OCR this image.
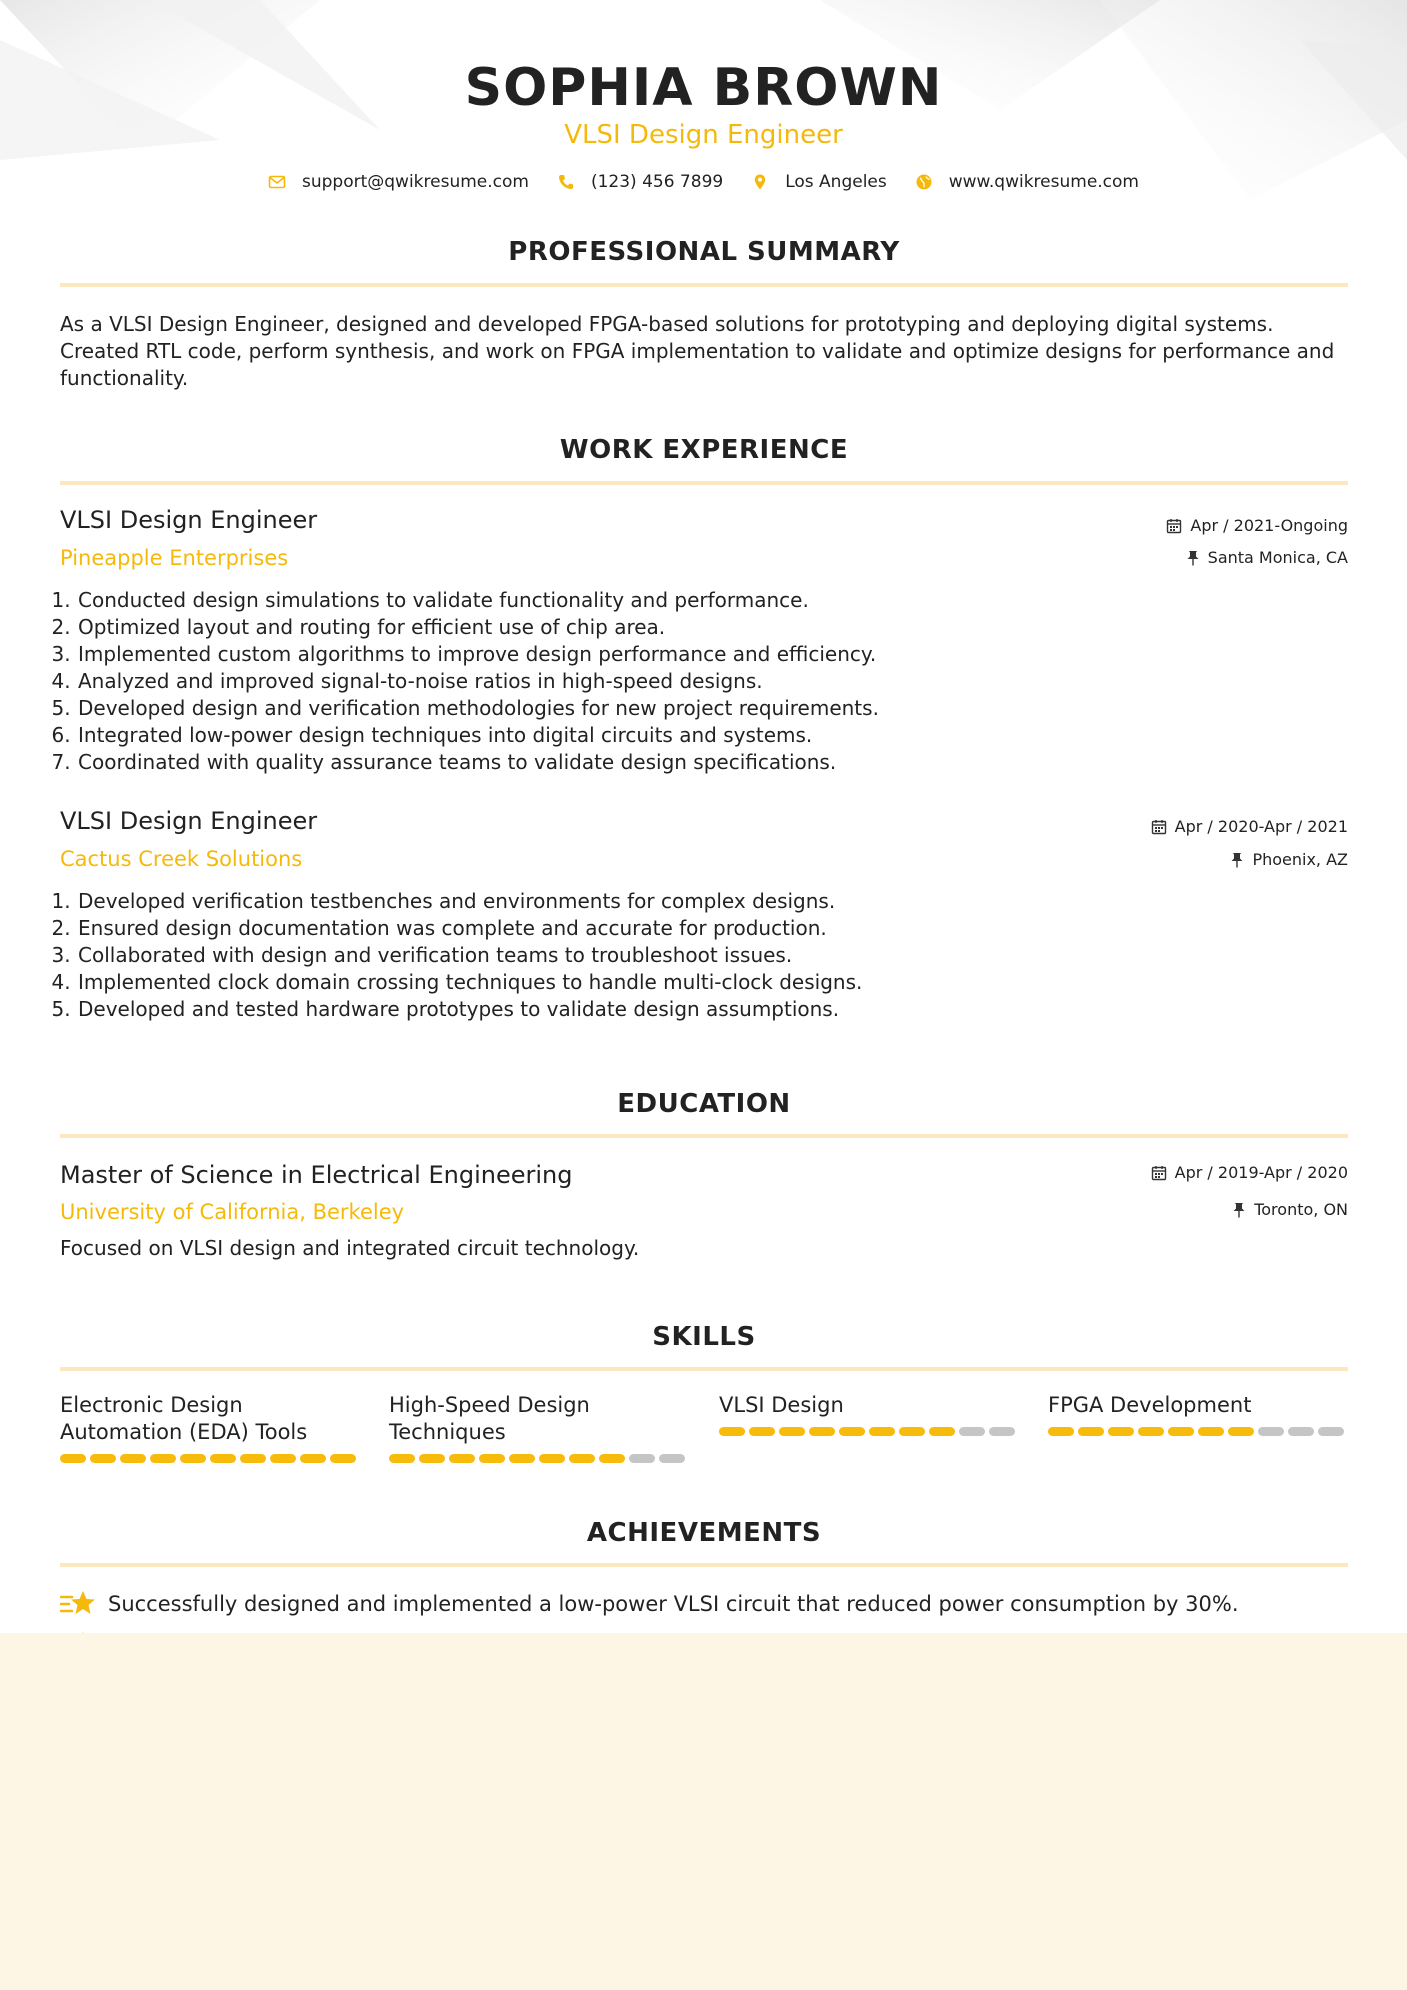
SOPHIA BROWN

VLSI Design Engineer

support@qwikresume.com	(123) 456 7899	Los Angeles	www.qwikresume.com
PROFESSIONAL SUMMARY

As a VLSI Design Engineer, designed and developed FPGA-based solutions for prototyping and deploying digital systems. Created RTL code, perform synthesis, and work on FPGA implementation to validate and optimize designs for performance and functionality.

WORK EXPERIENCE

VLSI Design Engineer

Pineapple Enterprises

Apr / 2021-Ongoing
Santa Monica, CA
1. Conducted design simulations to validate functionality and performance.
2. Optimized layout and routing for efficient use of chip area.
3. Implemented custom algorithms to improve design performance and efficiency.
4. Analyzed and improved signal-to-noise ratios in high-speed designs.
5. Developed design and verification methodologies for new project requirements.
6. Integrated low-power design techniques into digital circuits and systems.
7. Coordinated with quality assurance teams to validate design specifications.

VLSI Design Engineer

Cactus Creek Solutions

Apr / 2020-Apr / 2021
Phoenix, AZ
1. Developed verification testbenches and environments for complex designs.
2. Ensured design documentation was complete and accurate for production.
3. Collaborated with design and verification teams to troubleshoot issues.
4. Implemented clock domain crossing techniques to handle multi-clock designs.
5. Developed and tested hardware prototypes to validate design assumptions.
EDUCATION

Master of Science in Electrical Engineering

University of California, Berkeley

Apr / 2019-Apr / 2020
Toronto, ON

Focused on VLSI design and integrated circuit technology.

SKILLS

Electronic Design Automation (EDA) Tools

High-Speed Design Techniques

VLSI Design	FPGA Development

ACHIEVEMENTS
Successfully designed and implemented a low-power VLSI circuit that reduced power consumption by 30%.
